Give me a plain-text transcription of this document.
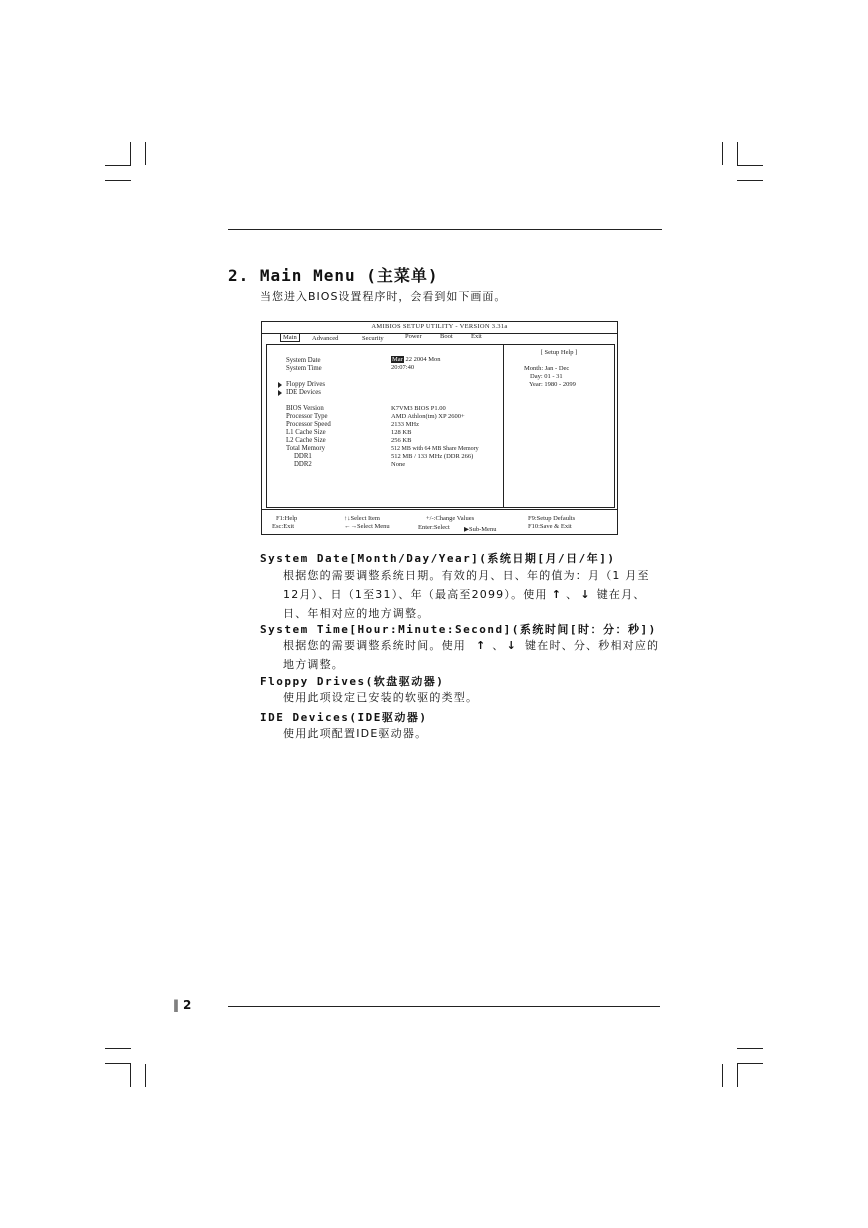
2. Main Menu (主菜单)
当您进入BIOS设置程序时，会看到如下画面。
AMIBIOS SETUP UTILITY - VERSION 3.31a
Main	Advanced	Security	Power	Boot	Exit
System Date	Mar 22 2004 Mon
System Time	20:07:40
Floppy Drives
IDE Devices
BIOS Version	K7VM3 BIOS P1.00
Processor Type	AMD Athlon(tm) XP 2600+
Processor Speed	2133 MHz
L1 Cache Size	128 KB
L2 Cache Size	256 KB
Total Memory	512 MB with 64 MB Share Memory
DDR1	512 MB / 133 MHz (DDR 266)
DDR2	None
[ Setup Help ]
Month: Jan - Dec
Day: 01 - 31
Year: 1980 - 2099
F1:Help
Esc:Exit
↑↓Select Item
←→Select Menu
+/-:Change Values
Enter:Select ▶Sub-Menu
F9:Setup Defaults
F10:Save & Exit
System Date[Month/Day/Year](系统日期[月/日/年])
根据您的需要调整系统日期。有效的月、日、年的值为：月（1 月至
12月）、日（1至31）、年（最高至2099）。使用 ↑ 、 ↓ 键在月、
日、年相对应的地方调整。
System Time[Hour:Minute:Second](系统时间[时：分：秒])
根据您的需要调整系统时间。使用 ↑ 、 ↓ 键在时、分、秒相对应的
地方调整。
Floppy Drives(软盘驱动器)
使用此项设定已安装的软驱的类型。
IDE Devices(IDE驱动器)
使用此项配置IDE驱动器。
‖ 2
